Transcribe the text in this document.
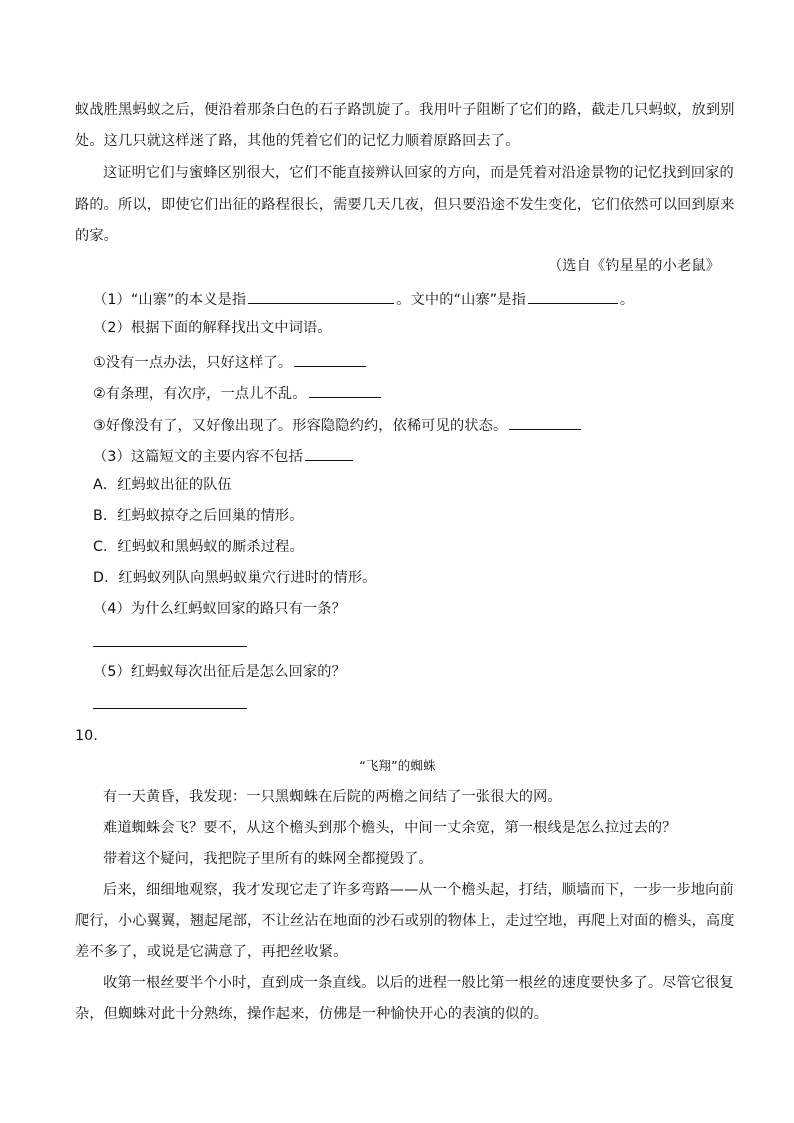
蚁战胜黑蚂蚁之后，便沿着那条白色的石子路凯旋了。我用叶子阻断了它们的路，截走几只蚂蚁，放到别
处。这几只就这样迷了路，其他的凭着它们的记忆力顺着原路回去了。
这证明它们与蜜蜂区别很大，它们不能直接辨认回家的方向，而是凭着对沿途景物的记忆找到回家的
路的。所以，即使它们出征的路程很长，需要几天几夜，但只要沿途不发生变化，它们依然可以回到原来
的家。
（选自《钓星星的小老鼠》
（1）“山寨”的本义是指	。文中的“山寨”是指	。
（2）根据下面的解释找出文中词语。
①没有一点办法，只好这样了。
②有条理，有次序，一点儿不乱。
③好像没有了，又好像出现了。形容隐隐约约，依稀可见的状态。
（3）这篇短文的主要内容不包括
A．红蚂蚁出征的队伍
B．红蚂蚁掠夺之后回巢的情形。
C．红蚂蚁和黑蚂蚁的厮杀过程。
D．红蚂蚁列队向黑蚂蚁巢穴行进时的情形。
（4）为什么红蚂蚁回家的路只有一条？
（5）红蚂蚁每次出征后是怎么回家的？
10．
“飞翔”的蜘蛛
有一天黄昏，我发现：一只黑蜘蛛在后院的两檐之间结了一张很大的网。
难道蜘蛛会飞？要不，从这个檐头到那个檐头，中间一丈余宽，第一根线是怎么拉过去的？
带着这个疑问，我把院子里所有的蛛网全都搅毁了。
后来，细细地观察，我才发现它走了许多弯路——从一个檐头起，打结，顺墙而下，一步一步地向前
爬行，小心翼翼，翘起尾部，不让丝沾在地面的沙石或别的物体上，走过空地，再爬上对面的檐头，高度
差不多了，或说是它满意了，再把丝收紧。
收第一根丝要半个小时，直到成一条直线。以后的进程一般比第一根丝的速度要快多了。尽管它很复
杂，但蜘蛛对此十分熟练，操作起来，仿佛是一种愉快开心的表演的似的。
